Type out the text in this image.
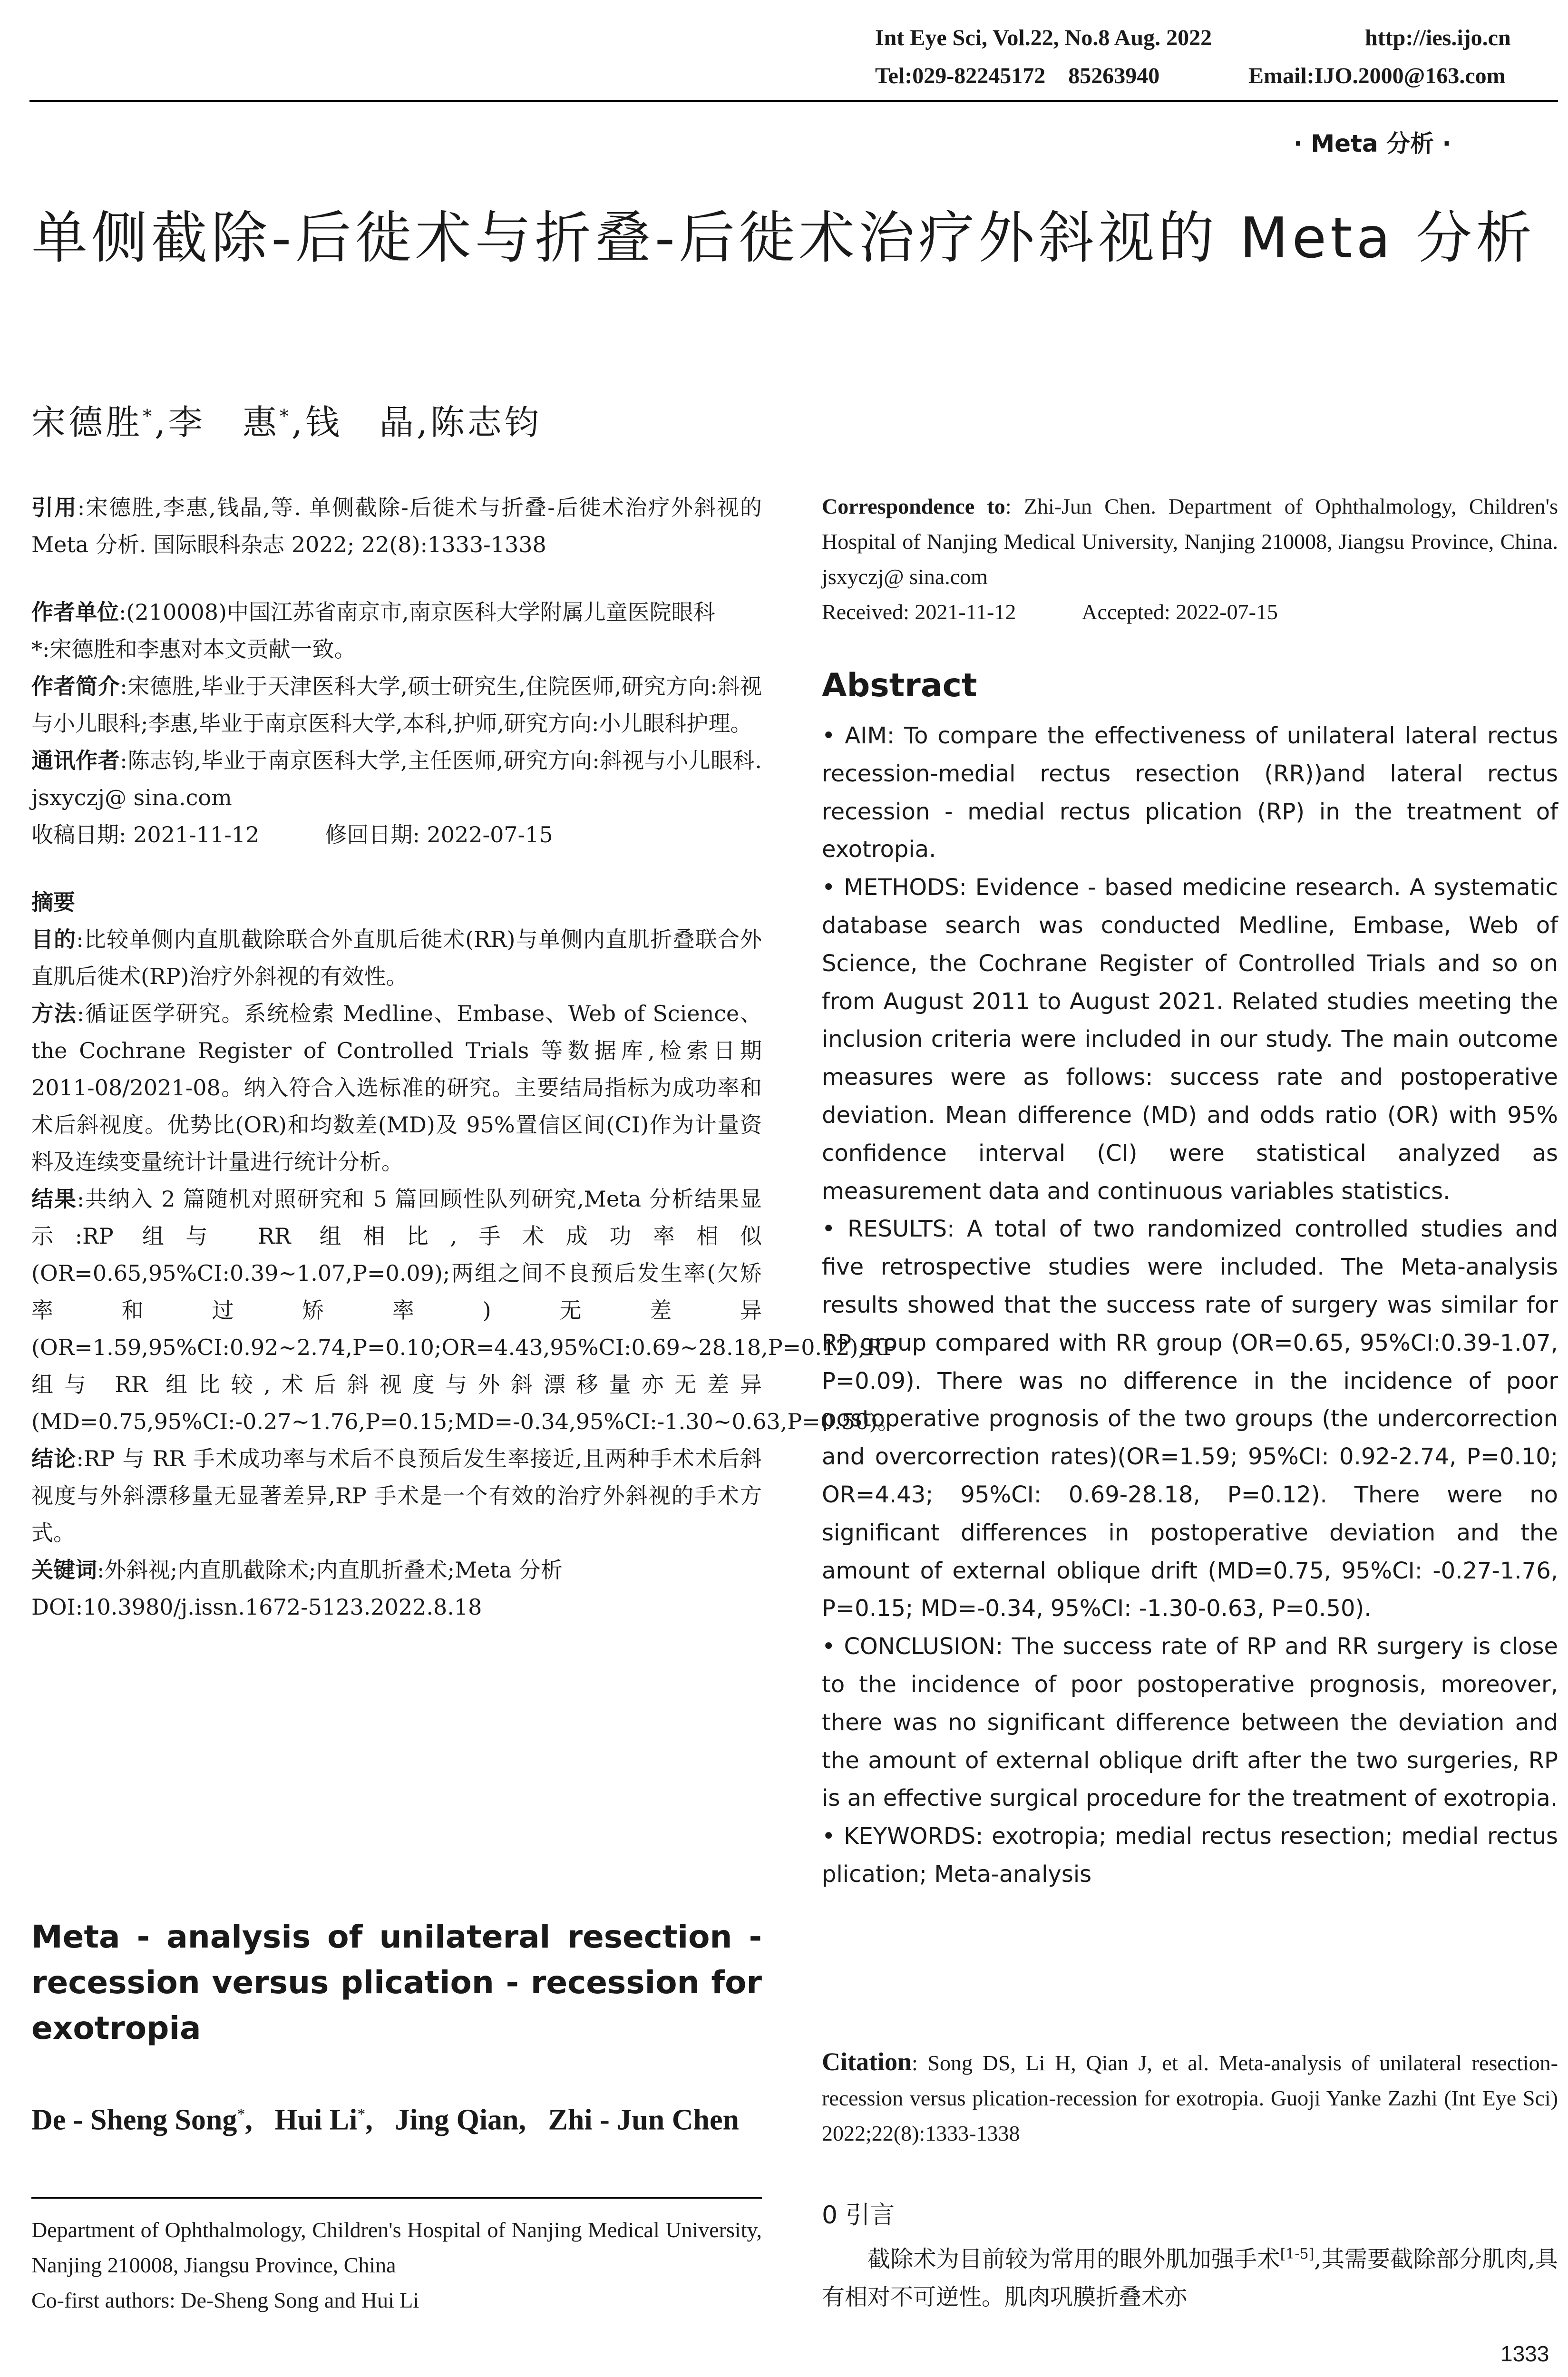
Int Eye Sci, Vol.22, No.8 Aug. 2022	http://ies.ijo.cn
Tel:029-82245172    85263940	Email:IJO.2000@163.com
· Meta 分析 ·
单侧截除-后徙术与折叠-后徙术治疗外斜视的 Meta 分析
宋德胜*,李　惠*,钱　晶,陈志钧

引用:宋德胜,李惠,钱晶,等. 单侧截除-后徙术与折叠-后徙术治疗外斜视的 Meta 分析. 国际眼科杂志 2022; 22(8):1333-1338

作者单位:(210008)中国江苏省南京市,南京医科大学附属儿童医院眼科

*:宋德胜和李惠对本文贡献一致。

作者简介:宋德胜,毕业于天津医科大学,硕士研究生,住院医师,研究方向:斜视与小儿眼科;李惠,毕业于南京医科大学,本科,护师,研究方向:小儿眼科护理。

通讯作者:陈志钧,毕业于南京医科大学,主任医师,研究方向:斜视与小儿眼科. jsxyczj@ sina.com

收稿日期: 2021-11-12　　　修回日期: 2022-07-15

摘要

目的:比较单侧内直肌截除联合外直肌后徙术(RR)与单侧内直肌折叠联合外直肌后徙术(RP)治疗外斜视的有效性。

方法:循证医学研究。系统检索 Medline、Embase、Web of Science、the Cochrane Register of Controlled Trials 等数据库,检索日期 2011-08/2021-08。纳入符合入选标准的研究。主要结局指标为成功率和术后斜视度。优势比(OR)和均数差(MD)及 95%置信区间(CI)作为计量资料及连续变量统计计量进行统计分析。

结果:共纳入 2 篇随机对照研究和 5 篇回顾性队列研究,Meta 分析结果显示:RP 组与 RR 组相比,手术成功率相似(OR=0.65,95%CI:0.39~1.07,P=0.09);两组之间不良预后发生率(欠矫率和过矫率)无差异(OR=1.59,95%CI:0.92~2.74,P=0.10;OR=4.43,95%CI:0.69~28.18,P=0.12);RP 组与 RR 组比较,术后斜视度与外斜漂移量亦无差异(MD=0.75,95%CI:-0.27~1.76,P=0.15;MD=-0.34,95%CI:-1.30~0.63,P=0.50)。

结论:RP 与 RR 手术成功率与术后不良预后发生率接近,且两种手术术后斜视度与外斜漂移量无显著差异,RP 手术是一个有效的治疗外斜视的手术方式。

关键词:外斜视;内直肌截除术;内直肌折叠术;Meta 分析

DOI:10.3980/j.issn.1672-5123.2022.8.18

Meta - analysis of unilateral resection - recession versus plication - recession for exotropia
De - Sheng Song*,   Hui Li*,   Jing Qian,   Zhi - Jun Chen
Department of Ophthalmology, Children's Hospital of Nanjing Medical University, Nanjing 210008, Jiangsu Province, China
Co-first authors: De-Sheng Song and Hui Li
Correspondence to: Zhi-Jun Chen. Department of Ophthalmology, Children's Hospital of Nanjing Medical University, Nanjing 210008, Jiangsu Province, China. jsxyczj@ sina.com
Received: 2021-11-12　　　Accepted: 2022-07-15
Abstract

• AIM: To compare the effectiveness of unilateral lateral rectus recession-medial rectus resection (RR))and lateral rectus recession - medial rectus plication (RP) in the treatment of exotropia.

• METHODS: Evidence - based medicine research. A systematic database search was conducted Medline, Embase, Web of Science, the Cochrane Register of Controlled Trials and so on from August 2011 to August 2021. Related studies meeting the inclusion criteria were included in our study. The main outcome measures were as follows: success rate and postoperative deviation. Mean difference (MD) and odds ratio (OR) with 95% confidence interval (CI) were statistical analyzed as measurement data and continuous variables statistics.

• RESULTS: A total of two randomized controlled studies and five retrospective studies were included. The Meta-analysis results showed that the success rate of surgery was similar for RP group compared with RR group (OR=0.65, 95%CI:0.39-1.07, P=0.09). There was no difference in the incidence of poor postoperative prognosis of the two groups (the undercorrection and overcorrection rates)(OR=1.59; 95%CI: 0.92-2.74, P=0.10; OR=4.43; 95%CI: 0.69-28.18, P=0.12). There were no significant differences in postoperative deviation and the amount of external oblique drift (MD=0.75, 95%CI: -0.27-1.76, P=0.15; MD=-0.34, 95%CI: -1.30-0.63, P=0.50).

• CONCLUSION: The success rate of RP and RR surgery is close to the incidence of poor postoperative prognosis, moreover, there was no significant difference between the deviation and the amount of external oblique drift after the two surgeries, RP is an effective surgical procedure for the treatment of exotropia.

• KEYWORDS: exotropia; medial rectus resection; medial rectus plication; Meta-analysis

Citation: Song DS, Li H, Qian J, et al. Meta-analysis of unilateral resection-recession versus plication-recession for exotropia. Guoji Yanke Zazhi (Int Eye Sci) 2022;22(8):1333-1338
0 引言
截除术为目前较为常用的眼外肌加强手术[1-5],其需要截除部分肌肉,具有相对不可逆性。肌肉巩膜折叠术亦
1333
